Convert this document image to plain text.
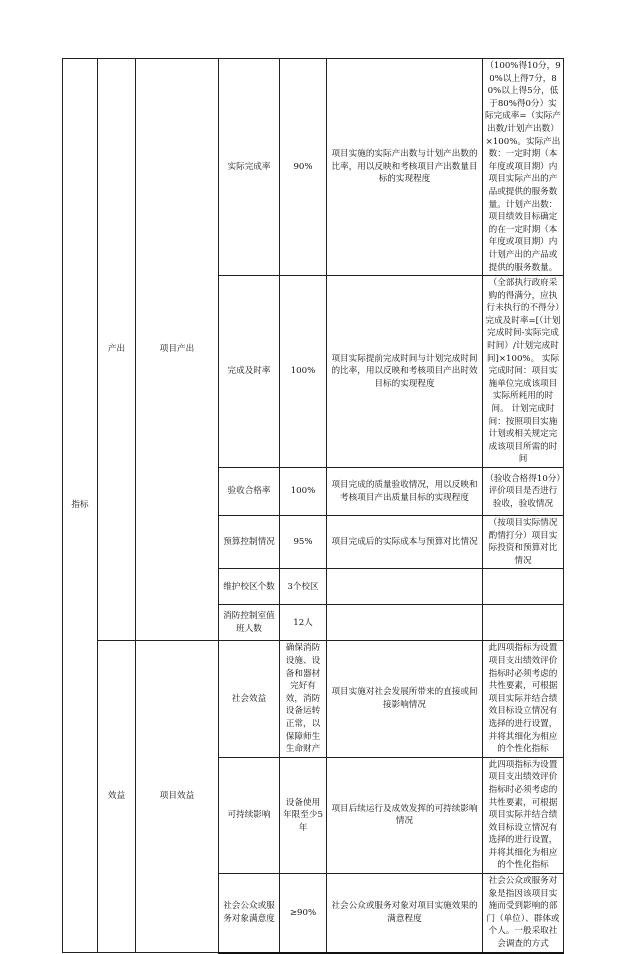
指标	产出	项目产出	实际完成率	90%	项目实施的实际产出数与计划产出数的比率，用以反映和考核项目产出数量目标的实现程度	（100%得10分，90%以上得7分，80%以上得5分，低于80%得0分）实际完成率=（实际产出数/计划产出数）×100%。实际产出数：一定时期（本年度或项目期）内项目实际产出的产品或提供的服务数量。计划产出数：项目绩效目标确定的在一定时期（本年度或项目期）内计划产出的产品或提供的服务数量。
			完成及时率	100%	项目实际提前完成时间与计划完成时间的比率，用以反映和考核项目产出时效目标的实现程度	（全部执行政府采购的得满分，应执行未执行的不得分）完成及时率=[（计划完成时间-实际完成时间）/计划完成时间]×100%。 实际完成时间：项目实施单位完成该项目实际所耗用的时间。 计划完成时间：按照项目实施计划或相关规定完成该项目所需的时间
			验收合格率	100%	项目完成的质量验收情况，用以反映和考核项目产出质量目标的实现程度	（验收合格得10分）评价项目是否进行验收，验收情况
			预算控制情况	95%	项目完成后的实际成本与预算对比情况	（按项目实际情况酌情打分）项目实际投资和预算对比情况
			维护校区个数	3个校区		
			消防控制室值班人数	12人		
	效益	项目效益	社会效益	确保消防设施、设备和器材完好有效，消防设备运转正常，以保障师生生命财产	项目实施对社会发展所带来的直接或间接影响情况	此四项指标为设置项目支出绩效评价指标时必须考虑的共性要素，可根据项目实际并结合绩效目标设立情况有选择的进行设置，并将其细化为相应的个性化指标
			可持续影响	设备使用年限至少5年	项目后续运行及成效发挥的可持续影响情况	此四项指标为设置项目支出绩效评价指标时必须考虑的共性要素，可根据项目实际并结合绩效目标设立情况有选择的进行设置，并将其细化为相应的个性化指标
			社会公众或服务对象满意度	≥90%	社会公众或服务对象对项目实施效果的满意程度	社会公众或服务对象是指因该项目实施而受到影响的部门（单位）、群体或个人。一般采取社会调查的方式
